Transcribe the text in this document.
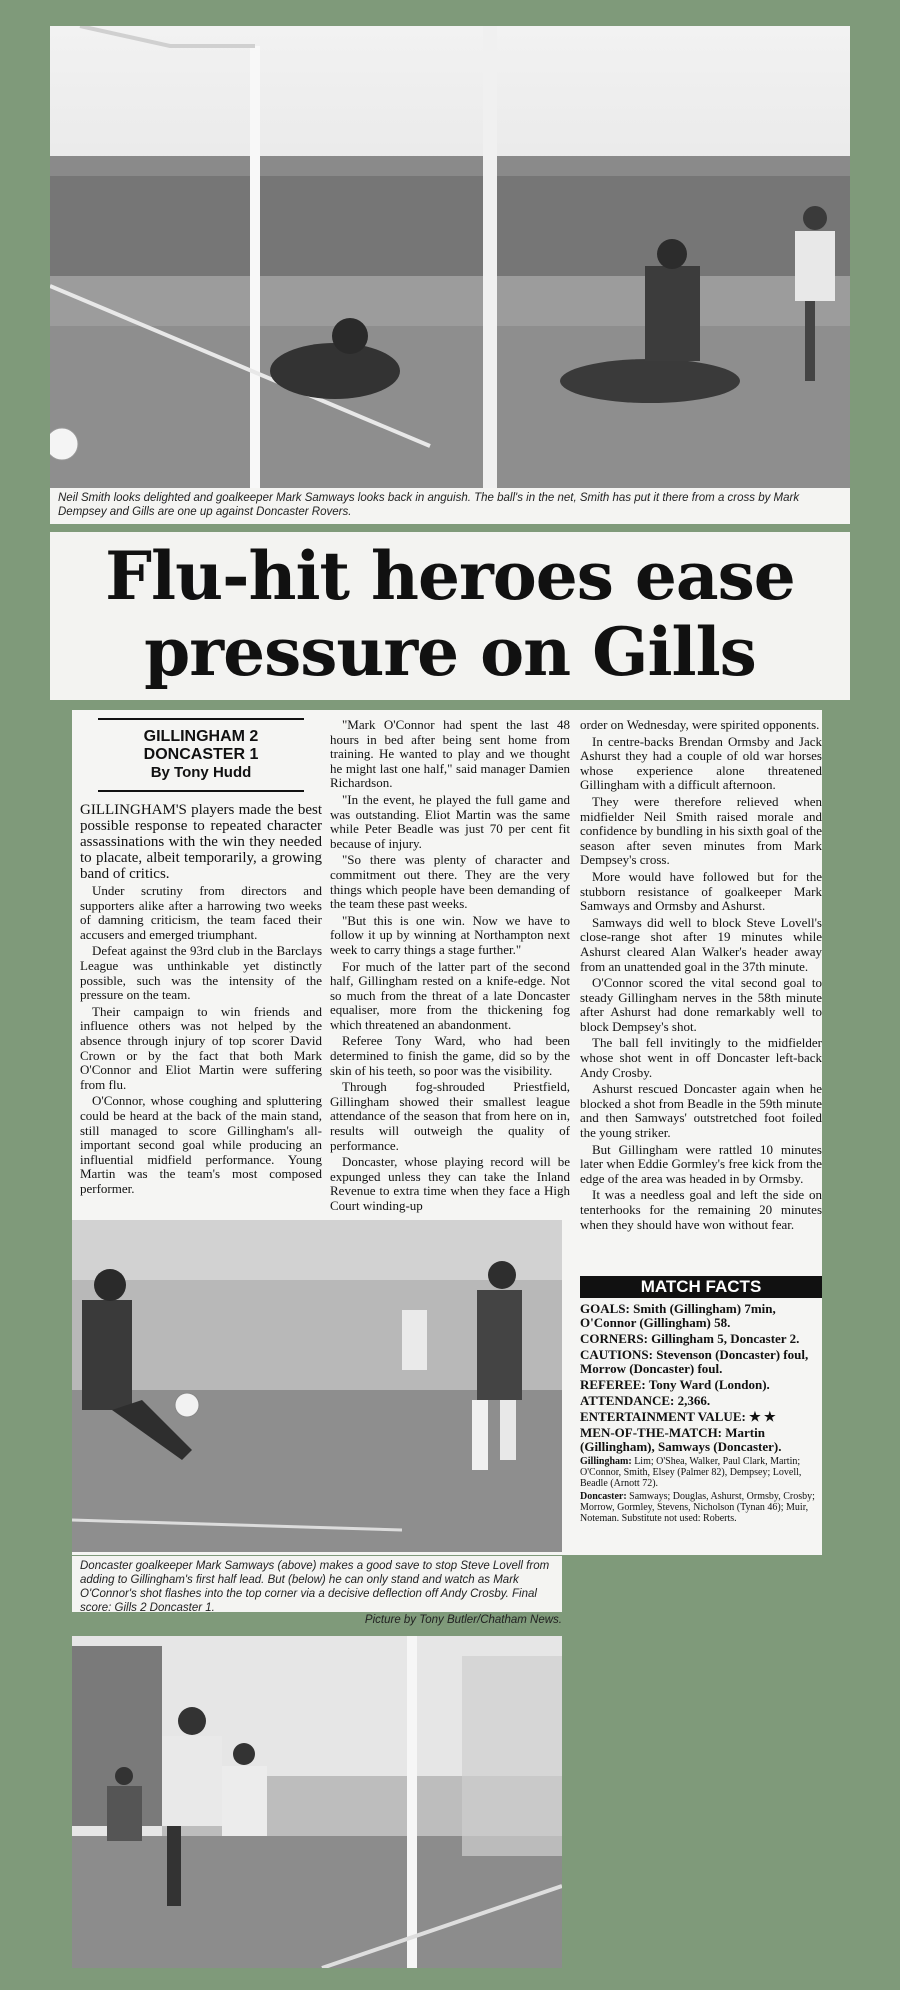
Neil Smith looks delighted and goalkeeper Mark Samways looks back in anguish. The ball's in the net, Smith has put it there from a cross by Mark Dempsey and Gills are one up against Doncaster Rovers.
Flu-hit heroes ease
pressure on Gills
GILLINGHAM 2
DONCASTER 1
By Tony Hudd

GILLINGHAM'S players made the best possible response to repeated character assassinations with the win they needed to placate, albeit temporarily, a growing band of critics.

Under scrutiny from directors and supporters alike after a harrowing two weeks of damning criticism, the team faced their accusers and emerged triumphant.

Defeat against the 93rd club in the Barclays League was unthinkable yet distinctly possible, such was the intensity of the pressure on the team.

Their campaign to win friends and influence others was not helped by the absence through injury of top scorer David Crown or by the fact that both Mark O'Connor and Eliot Martin were suffering from flu.

O'Connor, whose coughing and spluttering could be heard at the back of the main stand, still managed to score Gillingham's all-important second goal while producing an influential midfield performance. Young Martin was the team's most composed performer.

"Mark O'Connor had spent the last 48 hours in bed after being sent home from training. He wanted to play and we thought he might last one half," said manager Damien Richardson.

"In the event, he played the full game and was outstanding. Eliot Martin was the same while Peter Beadle was just 70 per cent fit because of injury.

"So there was plenty of character and commitment out there. They are the very things which people have been demanding of the team these past weeks.

"But this is one win. Now we have to follow it up by winning at Northampton next week to carry things a stage further."

For much of the latter part of the second half, Gillingham rested on a knife-edge. Not so much from the threat of a late Doncaster equaliser, more from the thickening fog which threatened an abandonment.

Referee Tony Ward, who had been determined to finish the game, did so by the skin of his teeth, so poor was the visibility.

Through fog-shrouded Priestfield, Gillingham showed their smallest league attendance of the season that from here on in, results will outweigh the quality of performance.

Doncaster, whose playing record will be expunged unless they can take the Inland Revenue to extra time when they face a High Court winding-up

order on Wednesday, were spirited opponents.

In centre-backs Brendan Ormsby and Jack Ashurst they had a couple of old war horses whose experience alone threatened Gillingham with a difficult afternoon.

They were therefore relieved when midfielder Neil Smith raised morale and confidence by bundling in his sixth goal of the season after seven minutes from Mark Dempsey's cross.

More would have followed but for the stubborn resistance of goalkeeper Mark Samways and Ormsby and Ashurst.

Samways did well to block Steve Lovell's close-range shot after 19 minutes while Ashurst cleared Alan Walker's header away from an unattended goal in the 37th minute.

O'Connor scored the vital second goal to steady Gillingham nerves in the 58th minute after Ashurst had done remarkably well to block Dempsey's shot.

The ball fell invitingly to the midfielder whose shot went in off Doncaster left-back Andy Crosby.

Ashurst rescued Doncaster again when he blocked a shot from Beadle in the 59th minute and then Samways' outstretched foot foiled the young striker.

But Gillingham were rattled 10 minutes later when Eddie Gormley's free kick from the edge of the area was headed in by Ormsby.

It was a needless goal and left the side on tenterhooks for the remaining 20 minutes when they should have won without fear.

MATCH FACTS
GOALS: Smith (Gillingham) 7min, O'Connor (Gillingham) 58.
CORNERS: Gillingham 5, Doncaster 2.
CAUTIONS: Stevenson (Doncaster) foul, Morrow (Doncaster) foul.
REFEREE: Tony Ward (London).
ATTENDANCE: 2,366.
ENTERTAINMENT VALUE: ★ ★
MEN-OF-THE-MATCH: Martin (Gillingham), Samways (Doncaster).
Gillingham: Lim; O'Shea, Walker, Paul Clark, Martin; O'Connor, Smith, Elsey (Palmer 82), Dempsey; Lovell, Beadle (Arnott 72).
Doncaster: Samways; Douglas, Ashurst, Ormsby, Crosby; Morrow, Gormley, Stevens, Nicholson (Tynan 46); Muir, Noteman. Substitute not used: Roberts.
Doncaster goalkeeper Mark Samways (above) makes a good save to stop Steve Lovell from adding to Gillingham's first half lead. But (below) he can only stand and watch as Mark O'Connor's shot flashes into the top corner via a decisive deflection off Andy Crosby. Final score: Gills 2 Doncaster 1.
Picture by Tony Butler/Chatham News.
